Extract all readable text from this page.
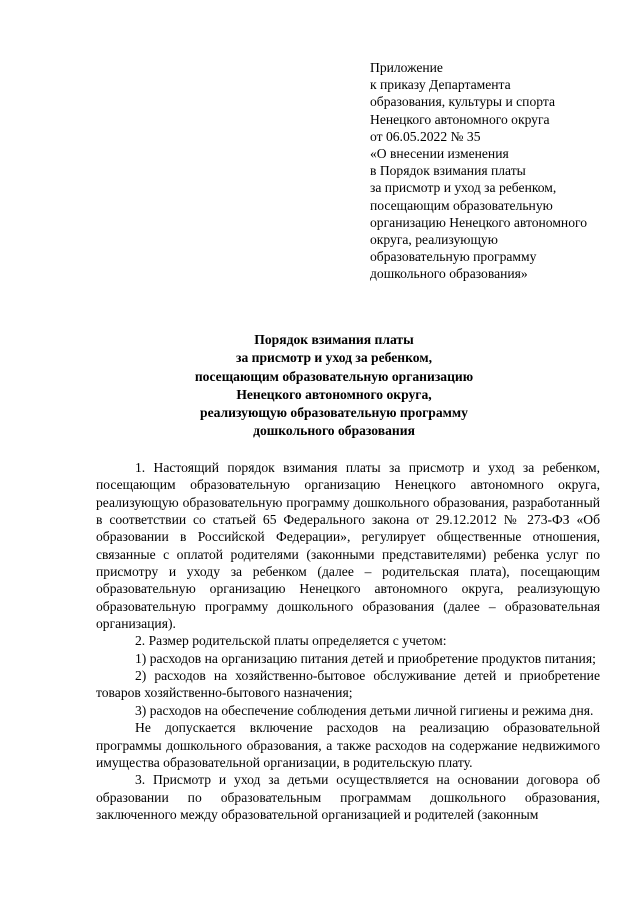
Приложение
к приказу Департамента
образования, культуры и спорта
Ненецкого автономного округа
от 06.05.2022 № 35
«О внесении изменения
в Порядок взимания платы
за присмотр и уход за ребенком,
посещающим образовательную
организацию Ненецкого автономного
округа, реализующую
образовательную программу
дошкольного образования»
Порядок взимания платы
за присмотр и уход за ребенком,
посещающим образовательную организацию
Ненецкого автономного округа,
реализующую образовательную программу
дошкольного образования

1. Настоящий порядок взимания платы за присмотр и уход за ребенком, посещающим образовательную организацию Ненецкого автономного округа, реализующую образовательную программу дошкольного образования, разработанный в соответствии со статьей 65 Федерального закона от 29.12.2012 № 273-ФЗ «Об образовании в Российской Федерации», регулирует общественные отношения, связанные с оплатой родителями (законными представителями) ребенка услуг по присмотру и уходу за ребенком (далее – родительская плата), посещающим образовательную организацию Ненецкого автономного округа, реализующую образовательную программу дошкольного образования (далее – образовательная организация).

2. Размер родительской платы определяется с учетом:

1) расходов на организацию питания детей и приобретение продуктов питания;

2) расходов на хозяйственно-бытовое обслуживание детей и приобретение товаров хозяйственно-бытового назначения;

3) расходов на обеспечение соблюдения детьми личной гигиены и режима дня.

Не допускается включение расходов на реализацию образовательной программы дошкольного образования, а также расходов на содержание недвижимого имущества образовательной организации, в родительскую плату.

3. Присмотр и уход за детьми осуществляется на основании договора об образовании по образовательным программам дошкольного образования, заключенного между образовательной организацией и родителей (законным
